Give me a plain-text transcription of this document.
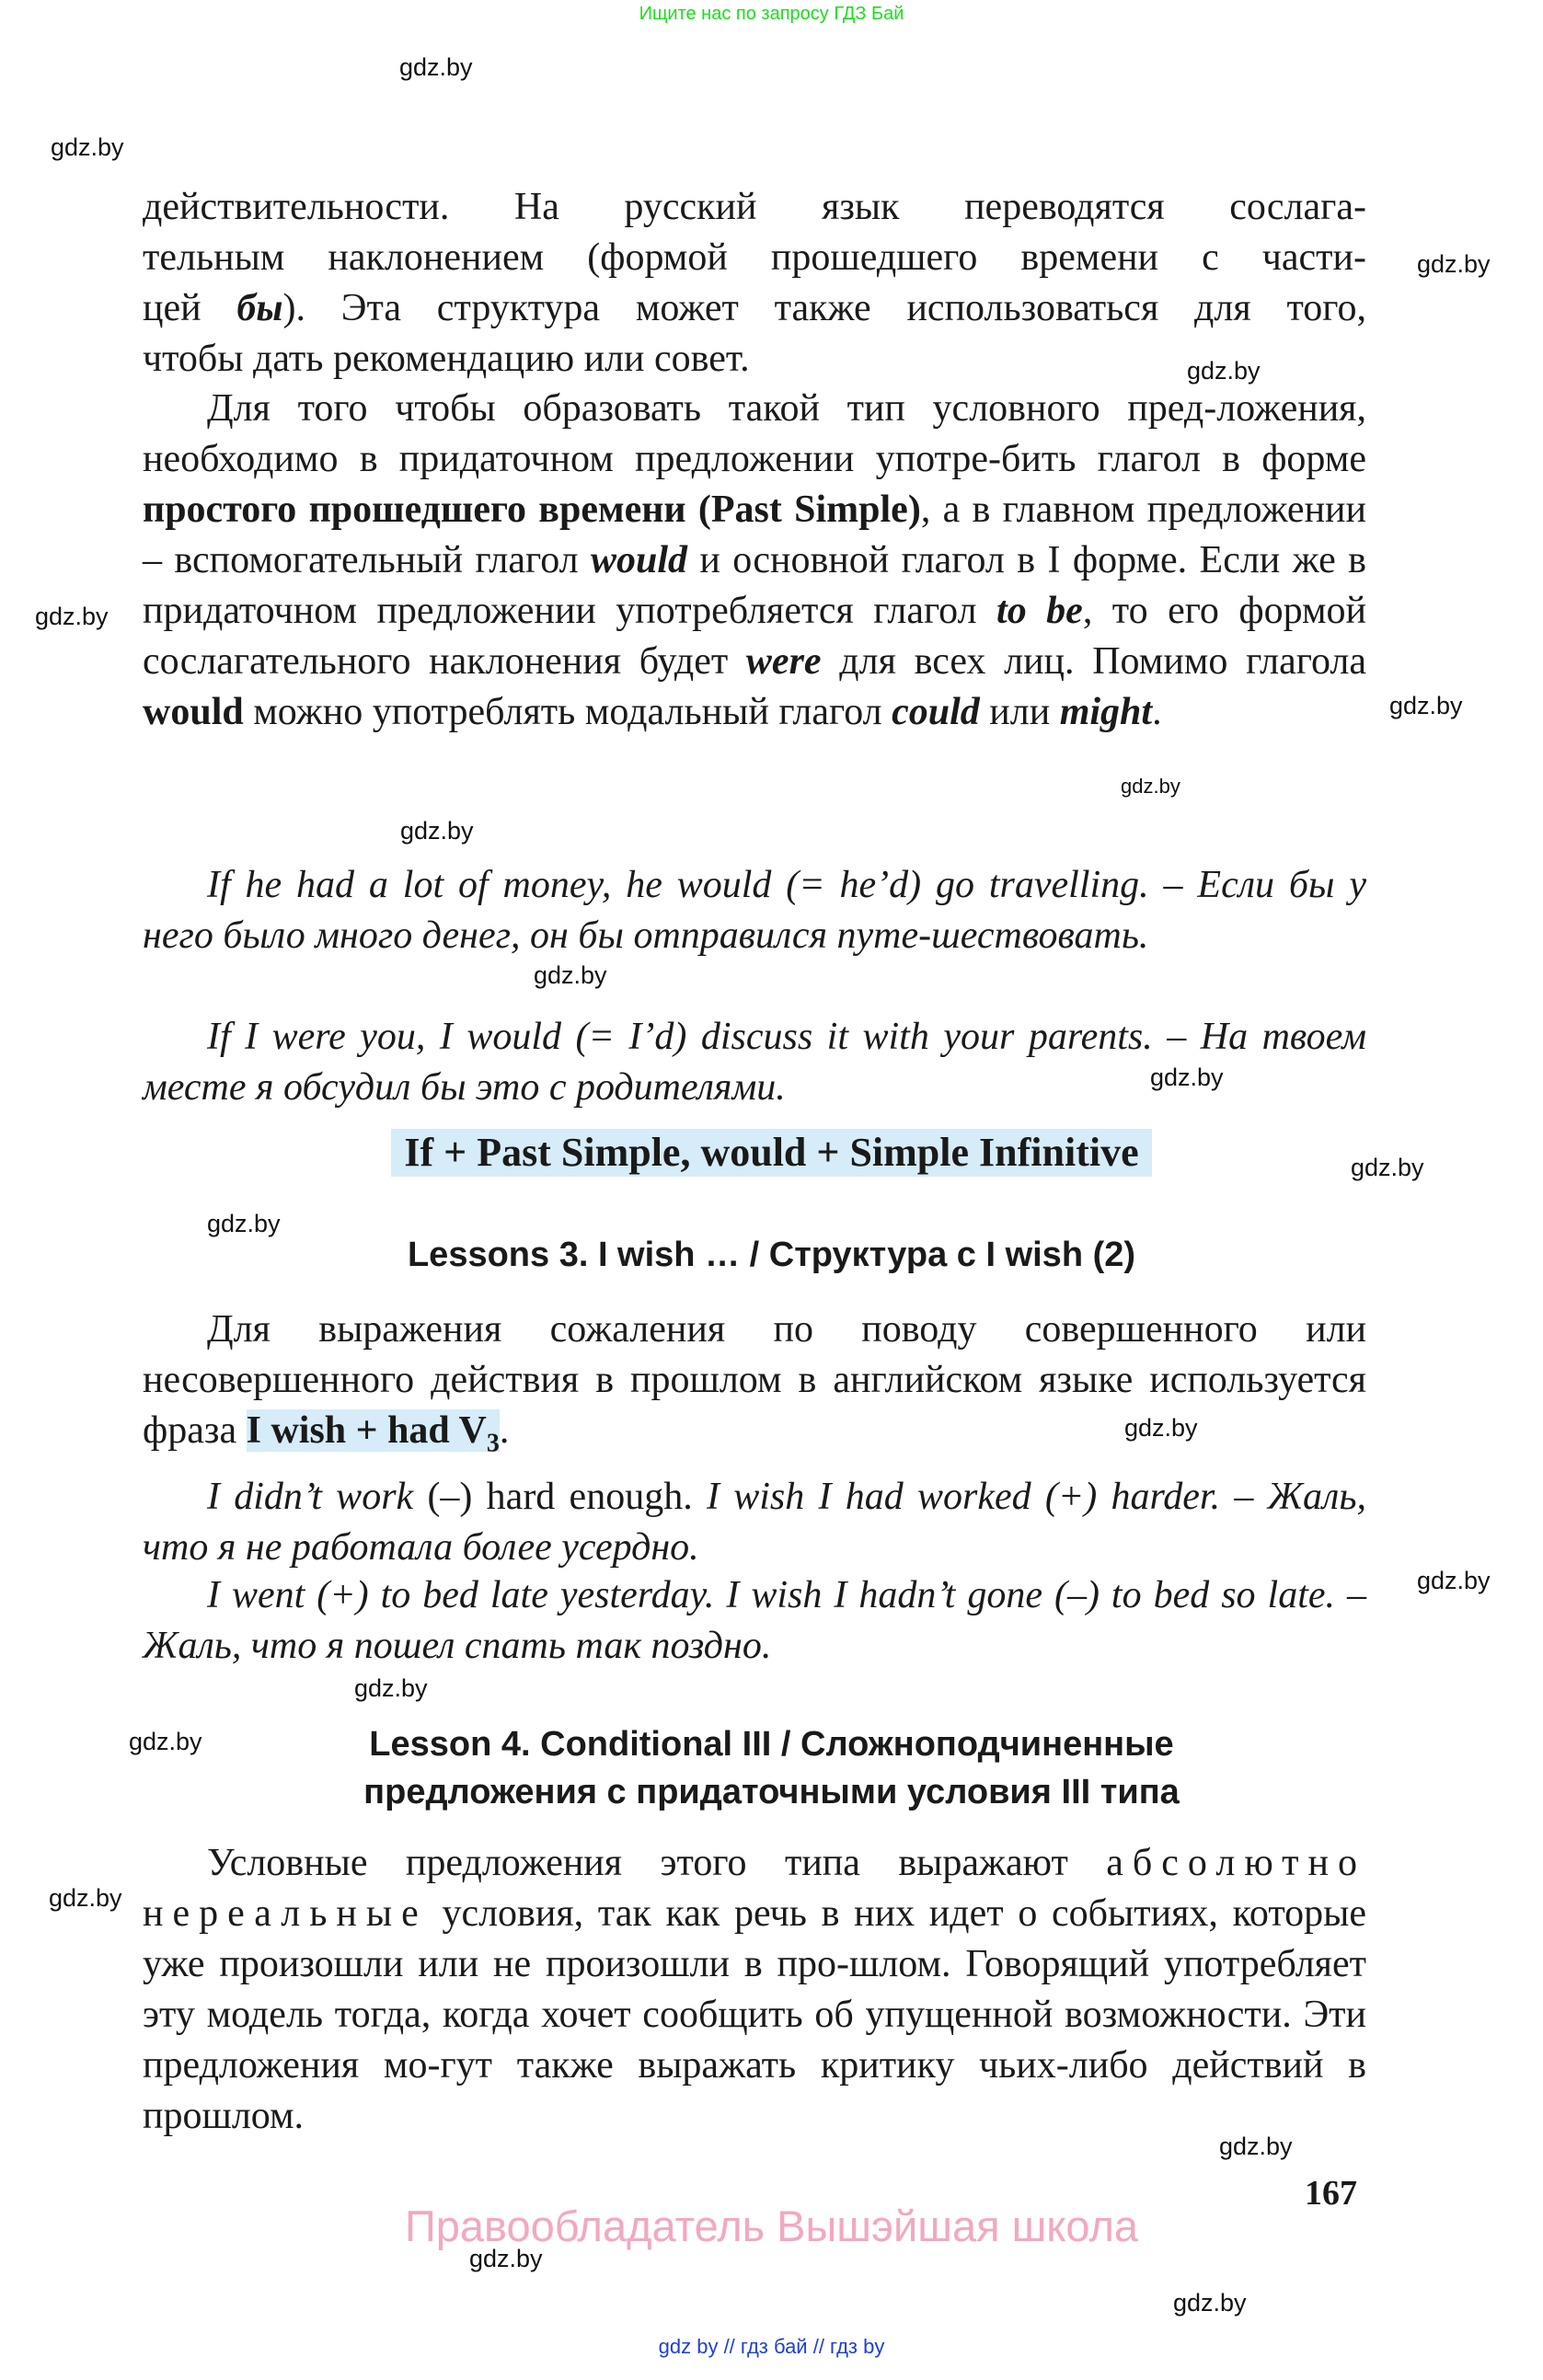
Ищите нас по запросу ГДЗ Бай
gdz.by
gdz.by
gdz.by
gdz.by
gdz.by
gdz.by
gdz.by
gdz.by
gdz.by
gdz.by
gdz.by
gdz.by
gdz.by
gdz.by
gdz.by
gdz.by
gdz.by
gdz.by
gdz.by
gdz.by

действительности. На русский язык переводятся сослага-

тельным наклонением (формой прошедшего времени с части-

цей бы). Эта структура может также использоваться для того,

чтобы дать рекомендацию или совет.

Для того чтобы образовать такой тип условного пред-ложения, необходимо в придаточном предложении употре-бить глагол в форме простого прошедшего времени (Past Simple), а в главном предложении – вспомогательный глагол would и основной глагол в I форме. Если же в придаточном предложении употребляется глагол to be, то его формой сослагательного наклонения будет were для всех лиц. Помимо глагола would можно употреблять модальный глагол could или might.

If he had a lot of money, he would (= he’d) go travelling. – Если бы у него было много денег, он бы отправился путе-шествовать.

If I were you, I would (= I’d) discuss it with your parents. – На твоем месте я обсудил бы это с родителями.

If + Past Simple, would + Simple Infinitive
Lessons 3. I wish … / Структура с I wish (2)

Для выражения сожаления по поводу совершенного или несовершенного действия в прошлом в английском языке используется фраза I wish + had $V_3$.

I didn’t work (–) hard enough. I wish I had worked (+) harder. – Жаль, что я не работала более усердно.

I went (+) to bed late yesterday. I wish I hadn’t gone (–) to bed so late. – Жаль, что я пошел спать так поздно.

Lesson 4. Conditional III / Сложноподчиненные
предложения с придаточными условия III типа

Условные предложения этого типа выражают абсолютно нереальные условия, так как речь в них идет о событиях, которые уже произошли или не произошли в про-шлом. Говорящий употребляет эту модель тогда, когда хочет сообщить об упущенной возможности. Эти предложения мо-гут также выражать критику чьих-либо действий в прошлом.

167
Правообладатель Вышэйшая школа
gdz by // гдз бай // гдз by
